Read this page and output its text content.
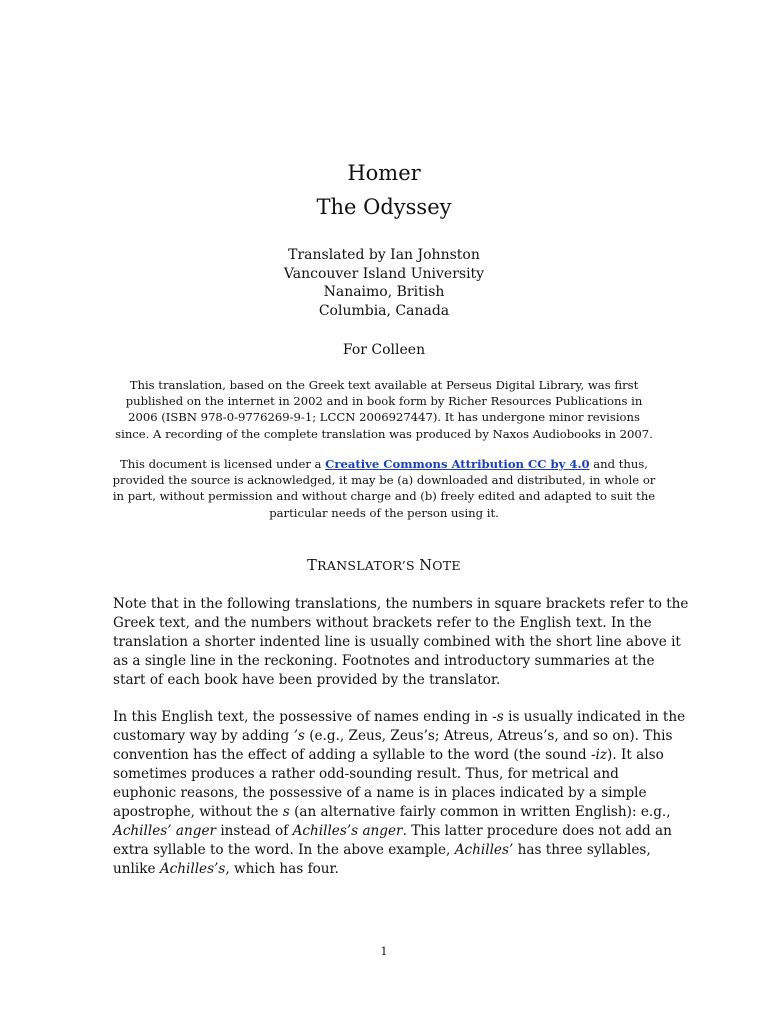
Homer
The Odyssey
Translated by Ian Johnston
Vancouver Island University
Nanaimo, British
Columbia, Canada
For Colleen
This translation, based on the Greek text available at Perseus Digital Library, was first published on the internet in 2002 and in book form by Richer Resources Publications in 2006 (ISBN 978-0-9776269-9-1; LCCN 2006927447). It has undergone minor revisions since. A recording of the complete translation was produced by Naxos Audiobooks in 2007.
This document is licensed under a Creative Commons Attribution CC by 4.0 and thus, provided the source is acknowledged, it may be (a) downloaded and distributed, in whole or in part, without permission and without charge and (b) freely edited and adapted to suit the particular needs of the person using it.
TRANSLATOR’S NOTE
Note that in the following translations, the numbers in square brackets refer to the
Greek text, and the numbers without brackets refer to the English text. In the
translation a shorter indented line is usually combined with the short line above it
as a single line in the reckoning. Footnotes and introductory summaries at the
start of each book have been provided by the translator.
In this English text, the possessive of names ending in -s is usually indicated in the
customary way by adding ’s (e.g., Zeus, Zeus’s; Atreus, Atreus’s, and so on). This
convention has the effect of adding a syllable to the word (the sound -iz). It also
sometimes produces a rather odd-sounding result. Thus, for metrical and
euphonic reasons, the possessive of a name is in places indicated by a simple
apostrophe, without the s (an alternative fairly common in written English): e.g.,
Achilles’ anger instead of Achilles’s anger. This latter procedure does not add an
extra syllable to the word. In the above example, Achilles’ has three syllables,
unlike Achilles’s, which has four.
1
